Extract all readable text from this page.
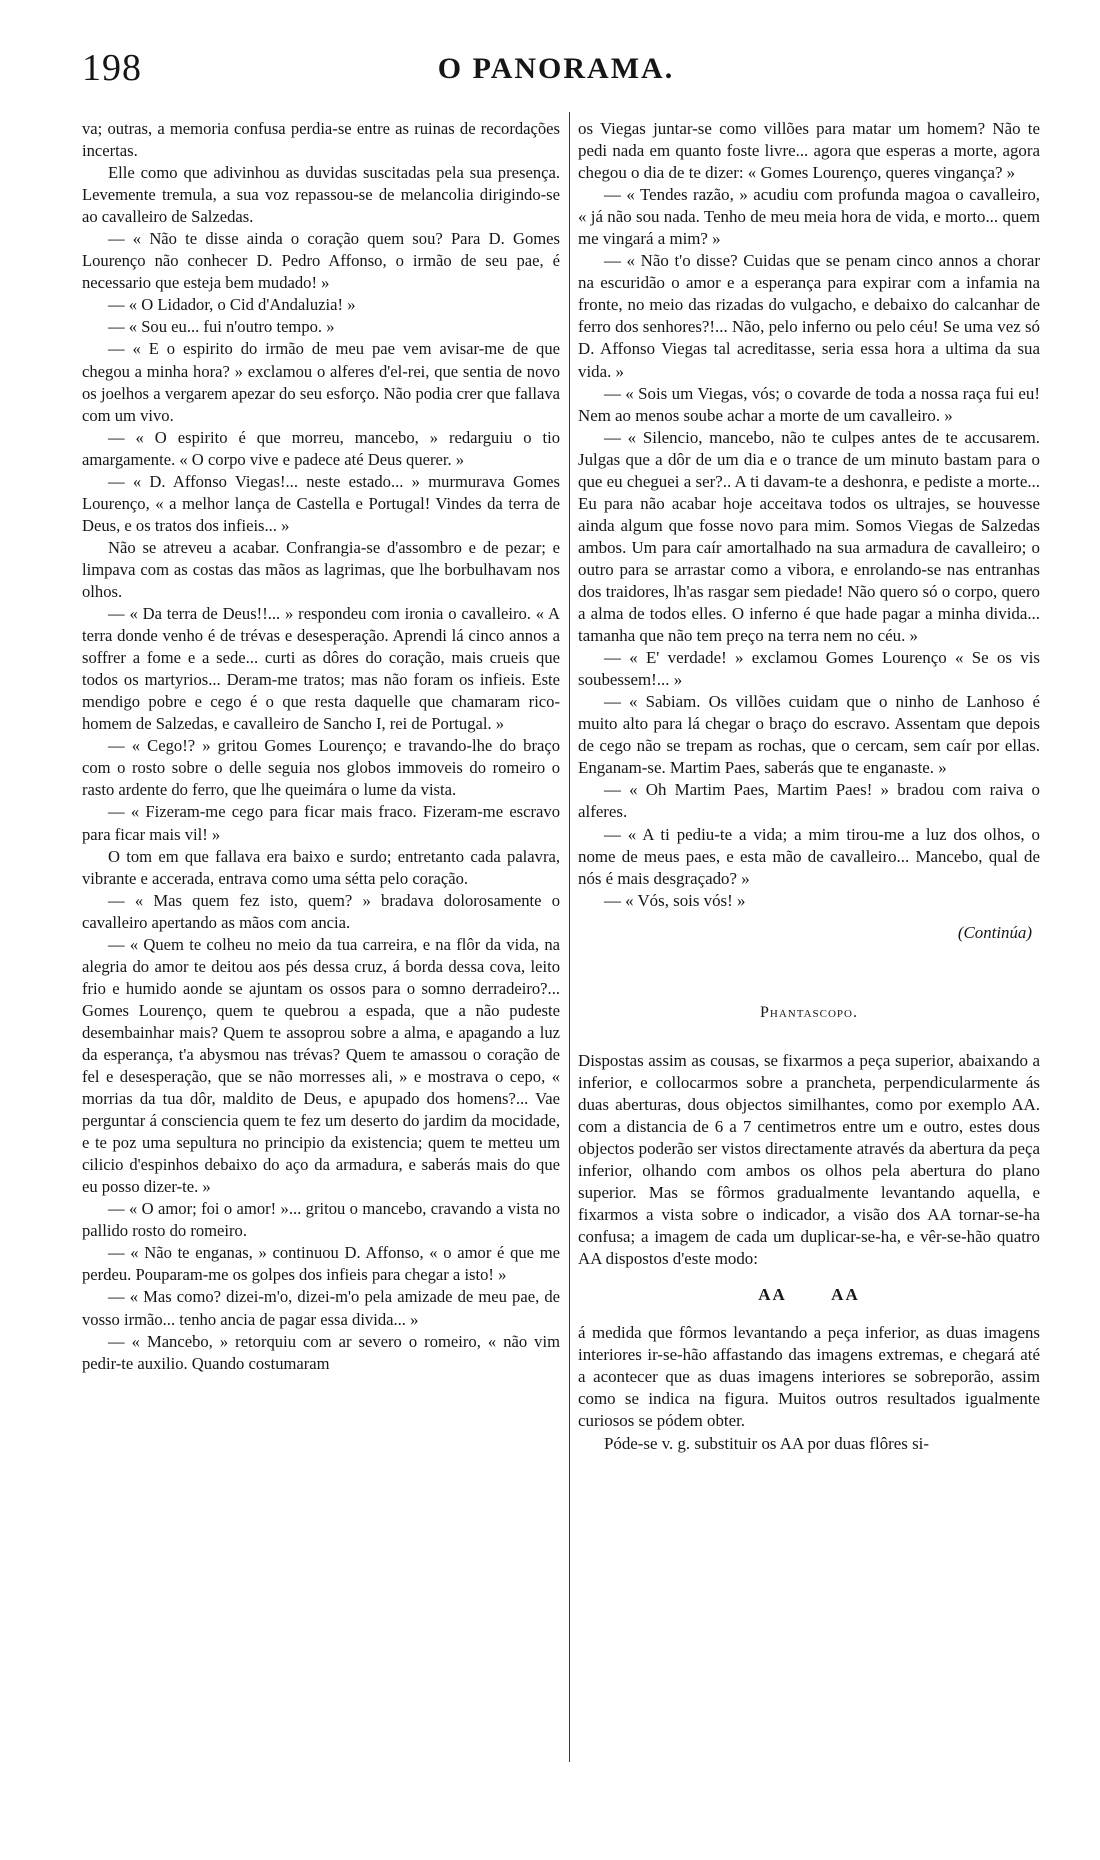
198	O PANORAMA.

va; outras, a memoria confusa perdia-se entre as ruinas de recordações incertas.

Elle como que adivinhou as duvidas suscitadas pela sua presença. Levemente tremula, a sua voz repassou-se de melancolia dirigindo-se ao cavalleiro de Salzedas.

— « Não te disse ainda o coração quem sou? Para D. Gomes Lourenço não conhecer D. Pedro Affonso, o irmão de seu pae, é necessario que esteja bem mudado! »

— « O Lidador, o Cid d'Andaluzia! »

— « Sou eu... fui n'outro tempo. »

— « E o espirito do irmão de meu pae vem avisar-me de que chegou a minha hora? » exclamou o alferes d'el-rei, que sentia de novo os joelhos a vergarem apezar do seu esforço. Não podia crer que fallava com um vivo.

— « O espirito é que morreu, mancebo, » redarguiu o tio amargamente. « O corpo vive e padece até Deus querer. »

— « D. Affonso Viegas!... neste estado... » murmurava Gomes Lourenço, « a melhor lança de Castella e Portugal! Vindes da terra de Deus, e os tratos dos infieis... »

Não se atreveu a acabar. Confrangia-se d'assombro e de pezar; e limpava com as costas das mãos as lagrimas, que lhe borbulhavam nos olhos.

— « Da terra de Deus!!... » respondeu com ironia o cavalleiro. « A terra donde venho é de trévas e desesperação. Aprendi lá cinco annos a soffrer a fome e a sede... curti as dôres do coração, mais crueis que todos os martyrios... Deram-me tratos; mas não foram os infieis. Este mendigo pobre e cego é o que resta daquelle que chamaram rico-homem de Salzedas, e cavalleiro de Sancho I, rei de Portugal. »

— « Cego!? » gritou Gomes Lourenço; e travando-lhe do braço com o rosto sobre o delle seguia nos globos immoveis do romeiro o rasto ardente do ferro, que lhe queimára o lume da vista.

— « Fizeram-me cego para ficar mais fraco. Fizeram-me escravo para ficar mais vil! »

O tom em que fallava era baixo e surdo; entretanto cada palavra, vibrante e accerada, entrava como uma sétta pelo coração.

— « Mas quem fez isto, quem? » bradava dolorosamente o cavalleiro apertando as mãos com ancia.

— « Quem te colheu no meio da tua carreira, e na flôr da vida, na alegria do amor te deitou aos pés dessa cruz, á borda dessa cova, leito frio e humido aonde se ajuntam os ossos para o somno derradeiro?... Gomes Lourenço, quem te quebrou a espada, que a não pudeste desembainhar mais? Quem te assoprou sobre a alma, e apagando a luz da esperança, t'a abysmou nas trévas? Quem te amassou o coração de fel e desesperação, que se não morresses ali, » e mostrava o cepo, « morrias da tua dôr, maldito de Deus, e apupado dos homens?... Vae perguntar á consciencia quem te fez um deserto do jardim da mocidade, e te poz uma sepultura no principio da existencia; quem te metteu um cilicio d'espinhos debaixo do aço da armadura, e saberás mais do que eu posso dizer-te. »

— « O amor; foi o amor! »... gritou o mancebo, cravando a vista no pallido rosto do romeiro.

— « Não te enganas, » continuou D. Affonso, « o amor é que me perdeu. Pouparam-me os golpes dos infieis para chegar a isto! »

— « Mas como? dizei-m'o, dizei-m'o pela amizade de meu pae, de vosso irmão... tenho ancia de pagar essa divida... »

— « Mancebo, » retorquiu com ar severo o romeiro, « não vim pedir-te auxilio. Quando costumaram

os Viegas juntar-se como villões para matar um homem? Não te pedi nada em quanto foste livre... agora que esperas a morte, agora chegou o dia de te dizer: « Gomes Lourenço, queres vingança? »

— « Tendes razão, » acudiu com profunda magoa o cavalleiro, « já não sou nada. Tenho de meu meia hora de vida, e morto... quem me vingará a mim? »

— « Não t'o disse? Cuidas que se penam cinco annos a chorar na escuridão o amor e a esperança para expirar com a infamia na fronte, no meio das rizadas do vulgacho, e debaixo do calcanhar de ferro dos senhores?!... Não, pelo inferno ou pelo céu! Se uma vez só D. Affonso Viegas tal acreditasse, seria essa hora a ultima da sua vida. »

— « Sois um Viegas, vós; o covarde de toda a nossa raça fui eu! Nem ao menos soube achar a morte de um cavalleiro. »

— « Silencio, mancebo, não te culpes antes de te accusarem. Julgas que a dôr de um dia e o trance de um minuto bastam para o que eu cheguei a ser?.. A ti davam-te a deshonra, e pediste a morte... Eu para não acabar hoje acceitava todos os ultrajes, se houvesse ainda algum que fosse novo para mim. Somos Viegas de Salzedas ambos. Um para caír amortalhado na sua armadura de cavalleiro; o outro para se arrastar como a vibora, e enrolando-se nas entranhas dos traidores, lh'as rasgar sem piedade! Não quero só o corpo, quero a alma de todos elles. O inferno é que hade pagar a minha divida... tamanha que não tem preço na terra nem no céu. »

— « E' verdade! » exclamou Gomes Lourenço « Se os vis soubessem!... »

— « Sabiam. Os villões cuidam que o ninho de Lanhoso é muito alto para lá chegar o braço do escravo. Assentam que depois de cego não se trepam as rochas, que o cercam, sem caír por ellas. Enganam-se. Martim Paes, saberás que te enganaste. »

— « Oh Martim Paes, Martim Paes! » bradou com raiva o alferes.

— « A ti pediu-te a vida; a mim tirou-me a luz dos olhos, o nome de meus paes, e esta mão de cavalleiro... Mancebo, qual de nós é mais desgraçado? »

— « Vós, sois vós! »

(Continúa)
Phantascopo.

Dispostas assim as cousas, se fixarmos a peça superior, abaixando a inferior, e collocarmos sobre a prancheta, perpendicularmente ás duas aberturas, dous objectos similhantes, como por exemplo AA. com a distancia de 6 a 7 centimetros entre um e outro, estes dous objectos poderão ser vistos directamente através da abertura da peça inferior, olhando com ambos os olhos pela abertura do plano superior. Mas se fôrmos gradualmente levantando aquella, e fixarmos a vista sobre o indicador, a visão dos AA tornar-se-ha confusa; a imagem de cada um duplicar-se-ha, e vêr-se-hão quatro AA dispostos d'este modo:

AA AA

á medida que fôrmos levantando a peça inferior, as duas imagens interiores ir-se-hão affastando das imagens extremas, e chegará até a acontecer que as duas imagens interiores se sobreporão, assim como se indica na figura. Muitos outros resultados igualmente curiosos se pódem obter.

Póde-se v. g. substituir os AA por duas flôres si-
